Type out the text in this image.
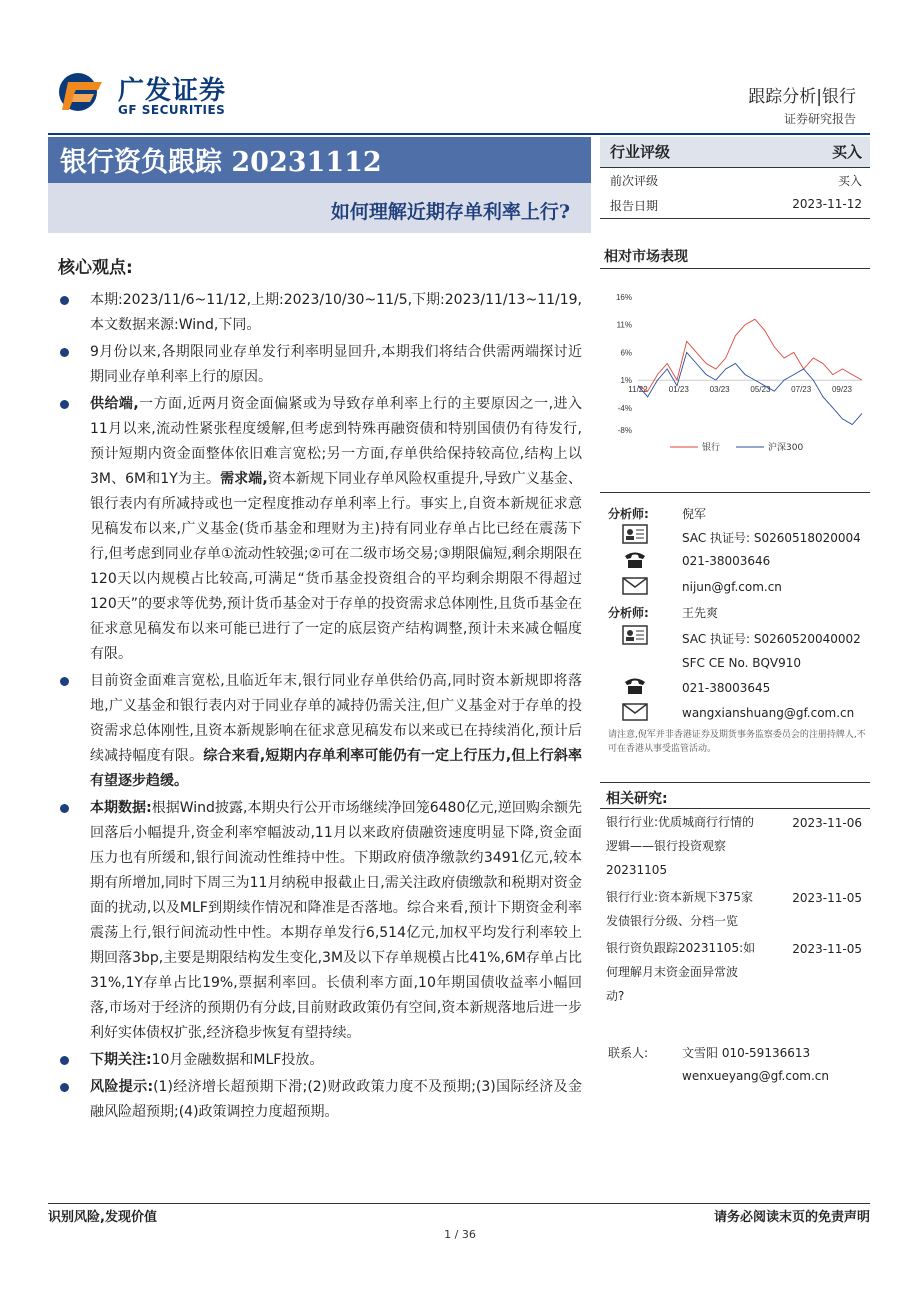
广发证券
GF SECURITIES
跟踪分析|银行
证券研究报告
银行资负跟踪 20231112
如何理解近期存单利率上行?
行业评级	买入
前次评级	买入
报告日期	2023-11-12
核心观点:
本期:2023/11/6~11/12,上期:2023/10/30~11/5,下期:2023/11/13~11/19,本文数据来源:Wind,下同。
9月份以来,各期限同业存单发行利率明显回升,本期我们将结合供需两端探讨近期同业存单利率上行的原因。
供给端,一方面,近两月资金面偏紧或为导致存单利率上行的主要原因之一,进入11月以来,流动性紧张程度缓解,但考虑到特殊再融资债和特别国债仍有待发行,预计短期内资金面整体依旧难言宽松;另一方面,存单供给保持较高位,结构上以3M、6M和1Y为主。需求端,资本新规下同业存单风险权重提升,导致广义基金、银行表内有所减持或也一定程度推动存单利率上行。事实上,自资本新规征求意见稿发布以来,广义基金(货币基金和理财为主)持有同业存单占比已经在震荡下行,但考虑到同业存单①流动性较强;②可在二级市场交易;③期限偏短,剩余期限在120天以内规模占比较高,可满足“货币基金投资组合的平均剩余期限不得超过120天”的要求等优势,预计货币基金对于存单的投资需求总体刚性,且货币基金在征求意见稿发布以来可能已进行了一定的底层资产结构调整,预计未来减仓幅度有限。
目前资金面难言宽松,且临近年末,银行同业存单供给仍高,同时资本新规即将落地,广义基金和银行表内对于同业存单的减持仍需关注,但广义基金对于存单的投资需求总体刚性,且资本新规影响在征求意见稿发布以来或已在持续消化,预计后续减持幅度有限。综合来看,短期内存单利率可能仍有一定上行压力,但上行斜率有望逐步趋缓。
本期数据:根据Wind披露,本期央行公开市场继续净回笼6480亿元,逆回购余额先回落后小幅提升,资金利率窄幅波动,11月以来政府债融资速度明显下降,资金面压力也有所缓和,银行间流动性维持中性。下期政府债净缴款约3491亿元,较本期有所增加,同时下周三为11月纳税申报截止日,需关注政府债缴款和税期对资金面的扰动,以及MLF到期续作情况和降准是否落地。综合来看,预计下期资金利率震荡上行,银行间流动性中性。本期存单发行6,514亿元,加权平均发行利率较上期回落3bp,主要是期限结构发生变化,3M及以下存单规模占比41%,6M存单占比31%,1Y存单占比19%,票据利率回。长债利率方面,10年期国债收益率小幅回落,市场对于经济的预期仍有分歧,目前财政政策仍有空间,资本新规落地后进一步利好实体债权扩张,经济稳步恢复有望持续。
下期关注:10月金融数据和MLF投放。
风险提示:(1)经济增长超预期下滑;(2)财政政策力度不及预期;(3)国际经济及金融风险超预期;(4)政策调控力度超预期。
相对市场表现
16%
11%
6%
1%
-4%
-8%
11/22	01/23	03/23	05/23	07/23	09/23
银行	沪深300
分析师:	倪军
SAC 执证号: S0260518020004
021-38003646
nijun@gf.com.cn
分析师:	王先爽
SAC 执证号: S0260520040002
SFC CE No. BQV910
021-38003645
wangxianshuang@gf.com.cn
请注意,倪军并非香港证券及期货事务监察委员会的注册持牌人,不可在香港从事受监管活动。
相关研究:
银行行业:优质城商行行情的
逻辑——银行投资观察
20231105
2023-11-06
银行行业:资本新规下375家
发债银行分级、分档一览
2023-11-05
银行资负跟踪20231105:如
何理解月末资金面异常波
动?
2023-11-05
联系人:	文雪阳 010-59136613
wenxueyang@gf.com.cn
识别风险,发现价值	请务必阅读末页的免责声明
1 / 36
